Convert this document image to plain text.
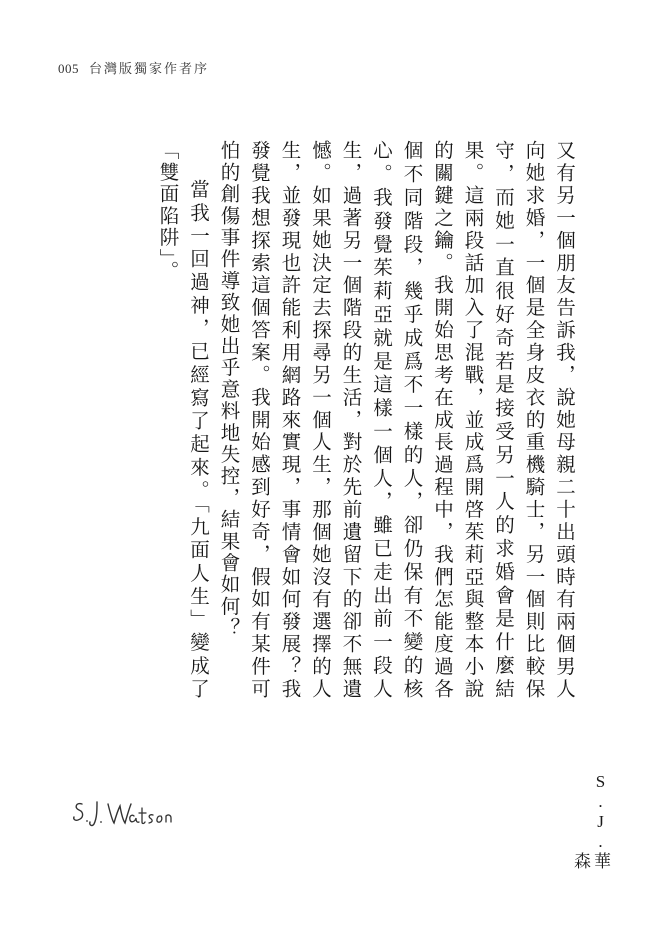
005 台灣版獨家作者序

又有另一個朋友告訴我，說她母親二十出頭時有兩個男人向她求婚，一個是全身皮衣的重機騎士，另一個則比較保守，而她一直很好奇若是接受另一人的求婚會是什麼結果。這兩段話加入了混戰，並成爲開啓茱莉亞與整本小說的關鍵之鑰。我開始思考在成長過程中，我們怎能度過各個不同階段，幾乎成爲不一樣的人，卻仍保有不變的核心。我發覺茱莉亞就是這樣一個人，雖已走出前一段人生，過著另一個階段的生活，對於先前遺留下的卻不無遺憾。如果她決定去探尋另一個人生，那個她沒有選擇的人生，並發現也許能利用網路來實現，事情會如何發展？我發覺我想探索這個答案。我開始感到好奇，假如有某件可怕的創傷事件導致她出乎意料地失控，結果會如何？

當我一回過神，已經寫了起來。「九面人生」變成了「雙面陷阱」。

S.J.
華森
